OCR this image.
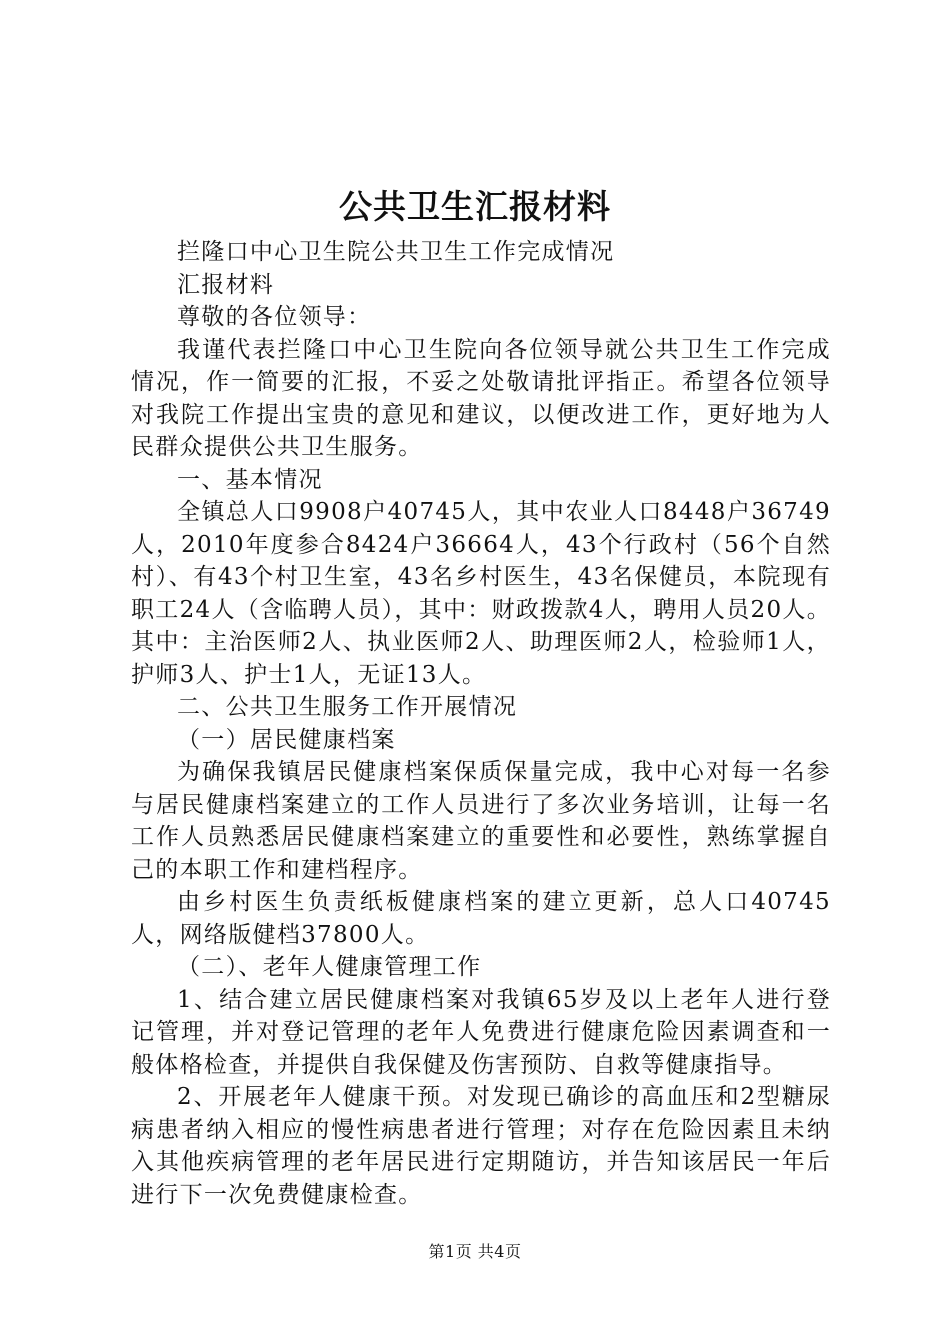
公共卫生汇报材料

拦隆口中心卫生院公共卫生工作完成情况

汇报材料

尊敬的各位领导：

我谨代表拦隆口中心卫生院向各位领导就公共卫生工作完成情况，作一简要的汇报，不妥之处敬请批评指正。希望各位领导对我院工作提出宝贵的意见和建议，以便改进工作，更好地为人民群众提供公共卫生服务。

一、基本情况

全镇总人口9908户40745人，其中农业人口8448户36749人，2010年度参合8424户36664人，43个行政村（56个自然村）、有43个村卫生室，43名乡村医生，43名保健员，本院现有职工24人（含临聘人员），其中：财政拨款4人，聘用人员20人。其中：主治医师2人、执业医师2人、助理医师2人，检验师1人，护师3人、护士1人，无证13人。

二、公共卫生服务工作开展情况

（一）居民健康档案

为确保我镇居民健康档案保质保量完成，我中心对每一名参与居民健康档案建立的工作人员进行了多次业务培训，让每一名工作人员熟悉居民健康档案建立的重要性和必要性，熟练掌握自己的本职工作和建档程序。

由乡村医生负责纸板健康档案的建立更新，总人口40745人，网络版健档37800人。

（二）、老年人健康管理工作

1、结合建立居民健康档案对我镇65岁及以上老年人进行登记管理，并对登记管理的老年人免费进行健康危险因素调查和一般体格检查，并提供自我保健及伤害预防、自救等健康指导。

2、开展老年人健康干预。对发现已确诊的高血压和2型糖尿病患者纳入相应的慢性病患者进行管理；对存在危险因素且未纳入其他疾病管理的老年居民进行定期随访，并告知该居民一年后进行下一次免费健康检查。

第1页 共4页
